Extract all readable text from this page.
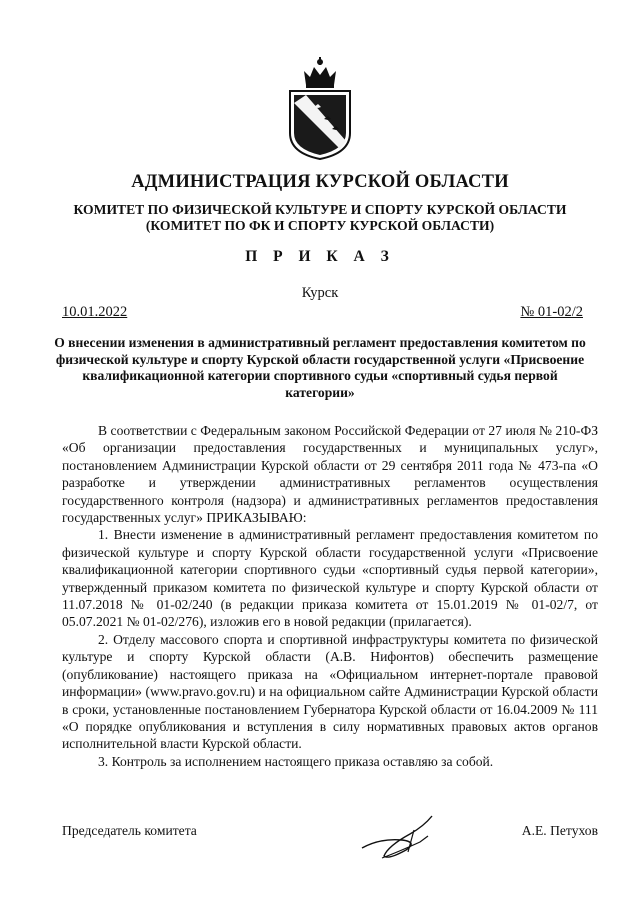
АДМИНИСТРАЦИЯ КУРСКОЙ ОБЛАСТИ
КОМИТЕТ ПО ФИЗИЧЕСКОЙ КУЛЬТУРЕ И СПОРТУ КУРСКОЙ ОБЛАСТИ
(КОМИТЕТ ПО ФК И СПОРТУ КУРСКОЙ ОБЛАСТИ)
П Р И К А З
Курск
10.01.2022	№ 01-02/2
О внесении изменения в административный регламент предоставления комитетом по физической культуре и спорту Курской области государственной услуги «Присвоение квалификационной категории спортивного судьи «спортивный судья первой категории»

В соответствии с Федеральным законом Российской Федерации от 27 июля № 210-ФЗ «Об организации предоставления государственных и муниципальных услуг», постановлением Администрации Курской области от 29 сентября 2011 года № 473-па «О разработке и утверждении административных регламентов осуществления государственного контроля (надзора) и административных регламентов предоставления государственных услуг» ПРИКАЗЫВАЮ:

1. Внести изменение в административный регламент предоставления комитетом по физической культуре и спорту Курской области государственной услуги «Присвоение квалификационной категории спортивного судьи «спортивный судья первой категории», утвержденный приказом комитета по физической культуре и спорту Курской области от 11.07.2018 № 01-02/240 (в редакции приказа комитета от 15.01.2019 № 01-02/7, от 05.07.2021 № 01-02/276), изложив его в новой редакции (прилагается).

2. Отделу массового спорта и спортивной инфраструктуры комитета по физической культуре и спорту Курской области (А.В. Нифонтов) обеспечить размещение (опубликование) настоящего приказа на «Официальном интернет-портале правовой информации» (www.pravo.gov.ru) и на официальном сайте Администрации Курской области в сроки, установленные постановлением Губернатора Курской области от 16.04.2009 № 111 «О порядке опубликования и вступления в силу нормативных правовых актов органов исполнительной власти Курской области.

3. Контроль за исполнением настоящего приказа оставляю за собой.

Председатель комитета	А.Е. Петухов
